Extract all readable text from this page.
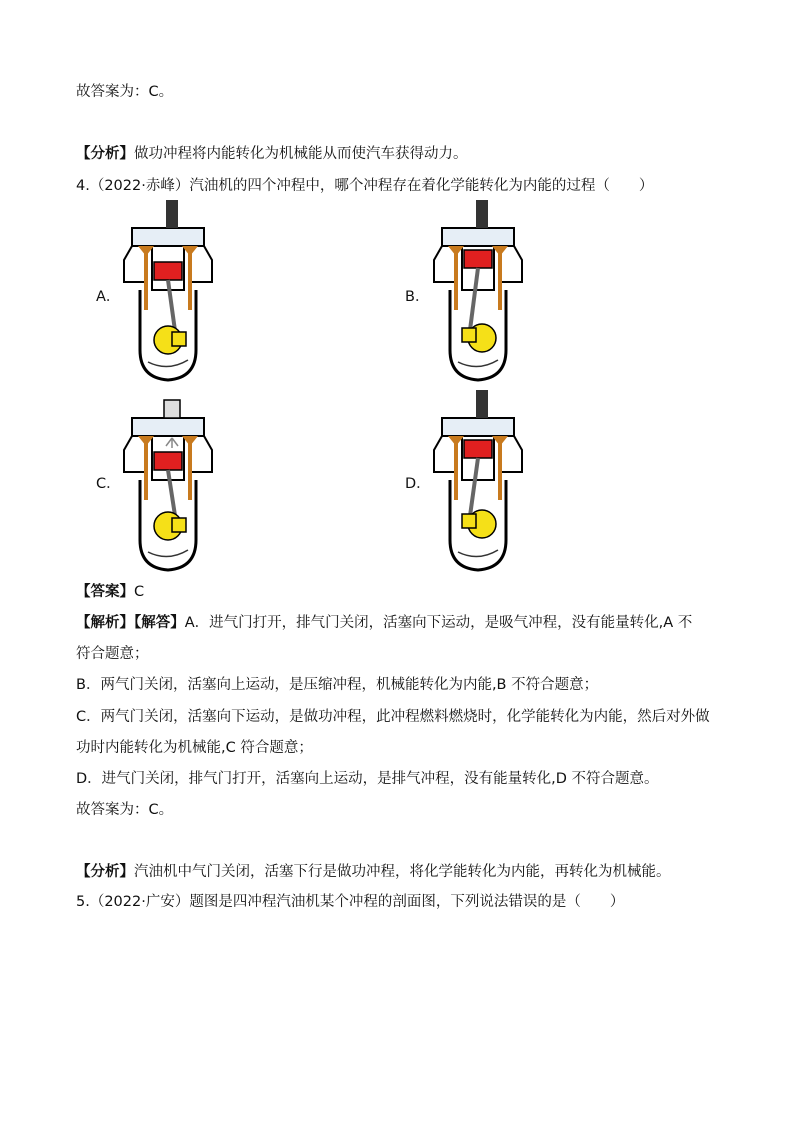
故答案为：C。
【分析】做功冲程将内能转化为机械能从而使汽车获得动力。
4.（2022·赤峰）汽油机的四个冲程中，哪个冲程存在着化学能转化为内能的过程（　　）
A．	B．
C．	D．
【答案】C
【解析】【解答】A．进气门打开，排气门关闭，活塞向下运动，是吸气冲程，没有能量转化,A 不
符合题意；
B．两气门关闭，活塞向上运动，是压缩冲程，机械能转化为内能,B 不符合题意；
C．两气门关闭，活塞向下运动，是做功冲程，此冲程燃料燃烧时，化学能转化为内能，然后对外做
功时内能转化为机械能,C 符合题意；
D．进气门关闭，排气门打开，活塞向上运动，是排气冲程，没有能量转化,D 不符合题意。
故答案为：C。
【分析】汽油机中气门关闭，活塞下行是做功冲程，将化学能转化为内能，再转化为机械能。
5.（2022·广安）题图是四冲程汽油机某个冲程的剖面图，下列说法错误的是（　　）
